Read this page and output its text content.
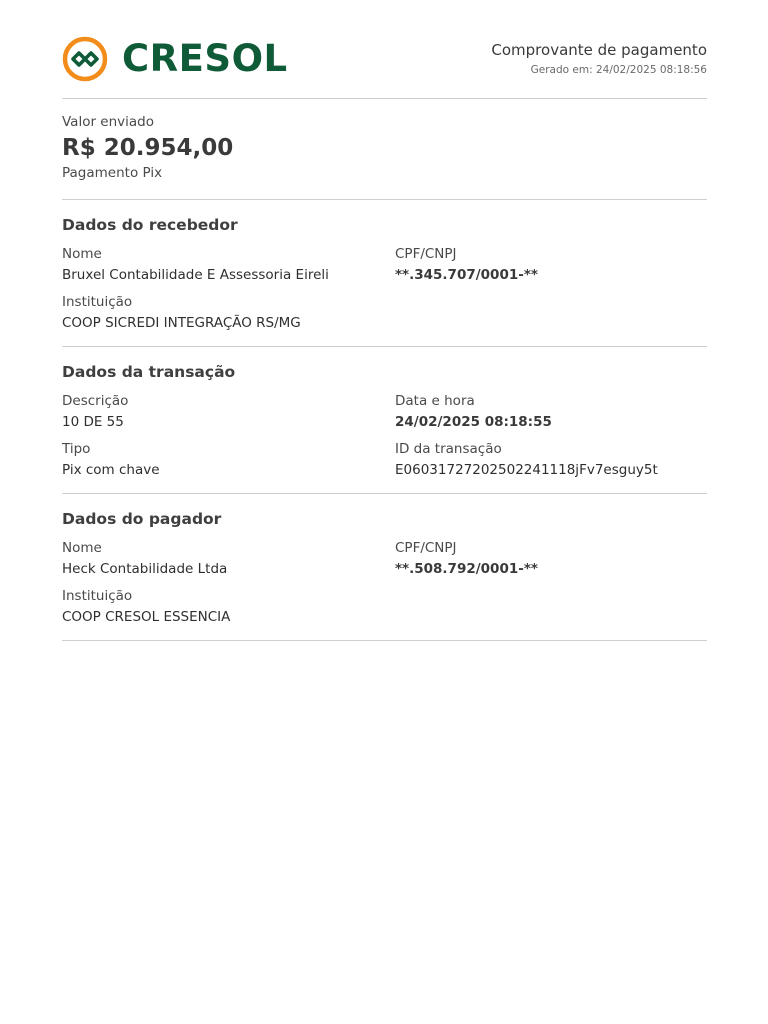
CRESOL	Comprovante de pagamento
Gerado em: 24/02/2025 08:18:56
Valor enviado
R$ 20.954,00
Pagamento Pix
Dados do recebedor
Nome
Bruxel Contabilidade E Assessoria Eireli
CPF/CNPJ
**.345.707/0001-**
Instituição
COOP SICREDI INTEGRAÇÃO RS/MG
Dados da transação
Descrição
10 DE 55
Data e hora
24/02/2025 08:18:55
Tipo
Pix com chave
ID da transação
E06031727202502241118jFv7esguy5t
Dados do pagador
Nome
Heck Contabilidade Ltda
CPF/CNPJ
**.508.792/0001-**
Instituição
COOP CRESOL ESSENCIA
